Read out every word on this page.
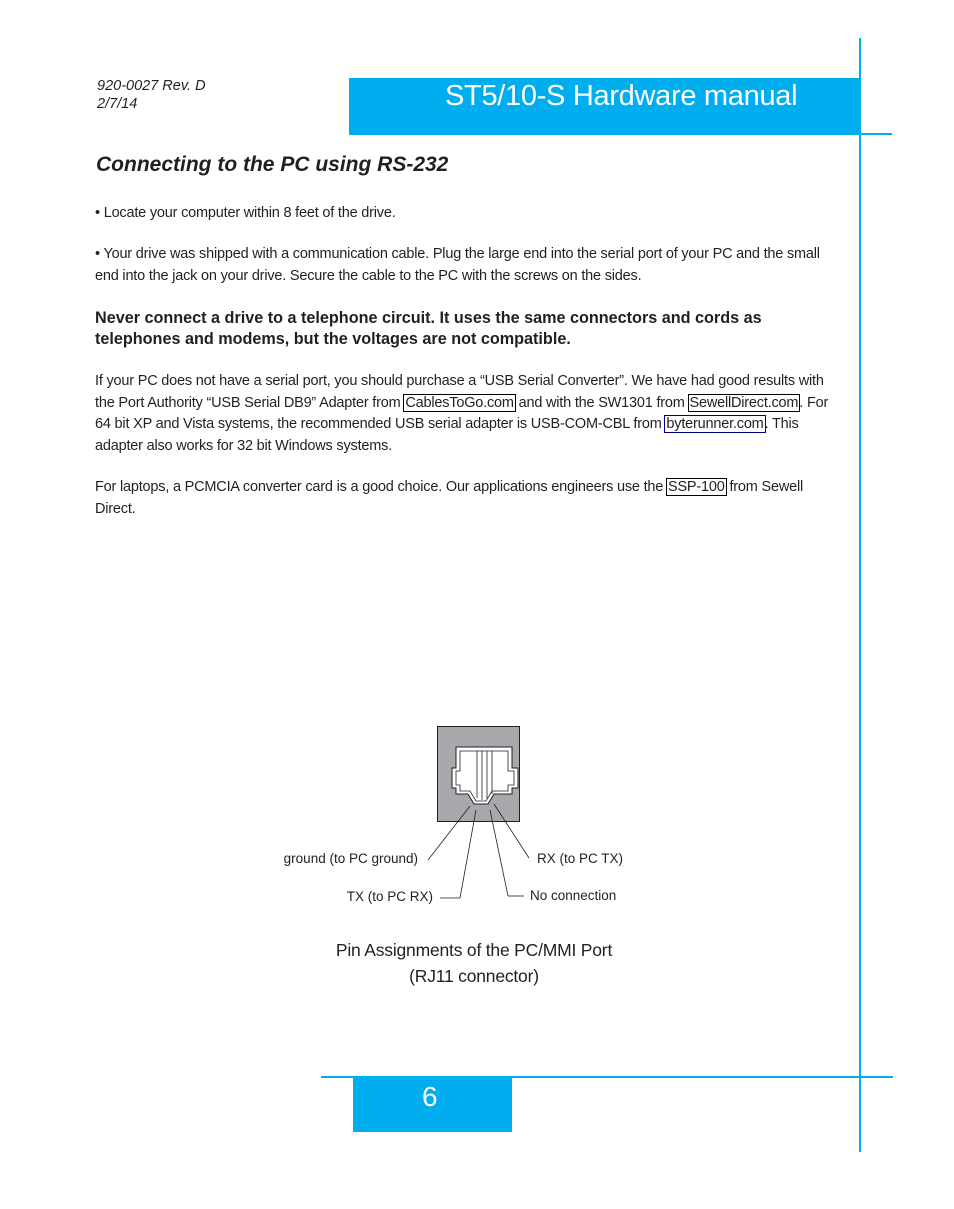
920-0027 Rev. D
2/7/14	ST5/10-S Hardware manual
Connecting to the PC using RS-232
• Locate your computer within 8 feet of the drive.
• Your drive was shipped with a communication cable. Plug the large end into the serial port of your PC and the small end into the jack on your drive. Secure the cable to the PC with the screws on the sides.
Never connect a drive to a telephone circuit. It uses the same connectors and cords as telephones and modems, but the voltages are not compatible.
If your PC does not have a serial port, you should purchase a “USB Serial Converter”. We have had good results with the Port Authority “USB Serial DB9” Adapter from CablesToGo.com and with the SW1301 from SewellDirect.com. For 64 bit XP and Vista systems, the recommended USB serial adapter is USB-COM-CBL from byterunner.com. This adapter also works for 32 bit Windows systems.
For laptops, a PCMCIA converter card is a good choice. Our applications engineers use the SSP-100 from Sewell Direct.
ground (to PC ground)
TX (to PC RX)	No connection
RX (to PC TX)
Pin Assignments of the PC/MMI Port
(RJ11 connector)
6
